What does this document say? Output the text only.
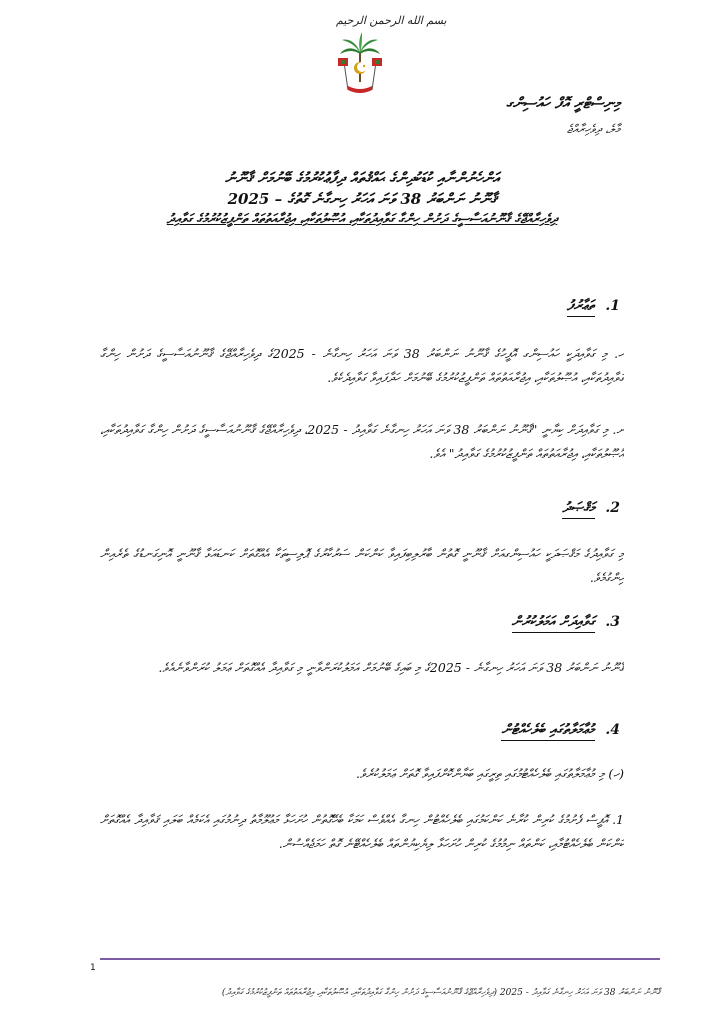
بسم الله الرحمن الرحيم
މިނިސްޓްރީ އޮފް ހައުސިންގ
މާލެ، ދިވެހިރާއްޖެ
އަންހެނުންނާއި ކުޑަކުދިންގެ ޙައްޤުތައް ދިފާޢުކުރުމުގެ ބޭނުމަށް ޤާނޫނު
ޤާނޫނު ނަންބަރު 38 ވަނަ އަހަރު ހިނގާނެ ގޮތުގެ – 2025
ދިވެހިރާއްޖޭގެ ޤާނޫނުއަސާސީގެ ދަށުން ހިންގާ ގަވާއިދުތަކާއި، އުޞޫލުތަކާއި، އިޖުރާއަތުތައް ތަންފީޒުކުރުމުގެ ގަވާއިދު
1. ތަޢާރުފު
ހ. މި ގަވާއިދަކީ ހައުސިންގ އޮފީހުގެ ޤާނޫނު ނަންބަރު 38 ވަނަ އަހަރު ހިނގާނެ - 2025ގެ ދިވެހިރާއްޖޭގެ ޤާނޫނުއަސާސީގެ ދަށުން ހިންގާ ގަވާއިދުތަކާއި، އުޞޫލުތަކާއި، އިޖުރާއަތުތައް ތަންފީޒުކުރުމުގެ ބޭނުމަށް ހަދާފައިވާ ގަވާއިދެކެވެ.
ށ. މި ގަވާއިދަށް ކިޔާނީ "ޤާނޫނު ނަންބަރު 38 ވަނަ އަހަރު ހިނގާނެ ގަވާއިދު - 2025، ދިވެހިރާއްޖޭގެ ޤާނޫނުއަސާސީގެ ދަށުން ހިންގާ ގަވާއިދުތަކާއި، އުޞޫލުތަކާއި، އިޖުރާއަތުތައް ތަންފީޒުކުރުމުގެ ގަވާއިދު" އެވެ.
2. މަޤްޞަދު
މި ގަވާއިދުގެ މަޤްޞަދަކީ ހައުސިންގއަށް ޤާނޫނީ ގޮތުން ބާރުލިބިފައިވާ ކަންކަން ސަރުކާރުގެ ޕޮލިސީތަކާ އެއްގޮތަށް ކަނޑައަޅާ ޤާނޫނީ އޮނިގަނޑުގެ ތެރެއިން ހިންގުމެވެ.
3. ގަވާއިދަށް އަމަލުކުރުން
ޤާނޫނު ނަންބަރު 38 ވަނަ އަހަރު ހިނގާނެ - 2025ގެ މި ބައިގެ ބޭނުމަށް އަމަލުކުރަންވާނީ މި ގަވާއިދާ އެއްގޮތަށް ޢަމަލު ކުރަންވާނެއެވެ.
4. މުޢާމަލާތުގައި ބެލެހެއްޓުން
(ހ) މި މުޢާމަލާތުގައި ބެލެހެއްޓުމުގައި ތިރީގައި ބަޔާންކޮށްފައިވާ ގޮތަށް ޢަމަލުކުރެވެ.
1. އޮފީސް ފެށުމުގެ ކުރިން ކުރާނެ ކަންކަމުގައި ބެލެހެއްޓުން ހިނގާ އެއްވެސް ކަމަކާ ބެހޭގޮތުން ހުށަހަޅާ މަޢުލޫމާތު ދިނުމުގައި އެކަމެއް ބަލައި ޤަވާއިދާ އެއްގޮތަށް ކަންކަން ބެލެހެއްޓުމާއި، ކަންތައް ނިމުމުގެ ކުރިން ހުށަހަޅާ ލިޔެކިޔުންތައް ބެލެހެއްޓޭނެ ގޮތް ހަމަޖެއްސުން.
1
ޤާނޫނު ނަންބަރު 38 ވަނަ އަހަރު ހިނގާނެ ގަވާއިދު - 2025 (ދިވެހިރާއްޖޭގެ ޤާނޫނުއަސާސީގެ ދަށުން ހިންގާ ގަވާއިދުތަކާއި، އުޞޫލުތަކާއި، އިޖުރާއަތުތައް ތަންފީޒުކުރުމުގެ ގަވާއިދު)
